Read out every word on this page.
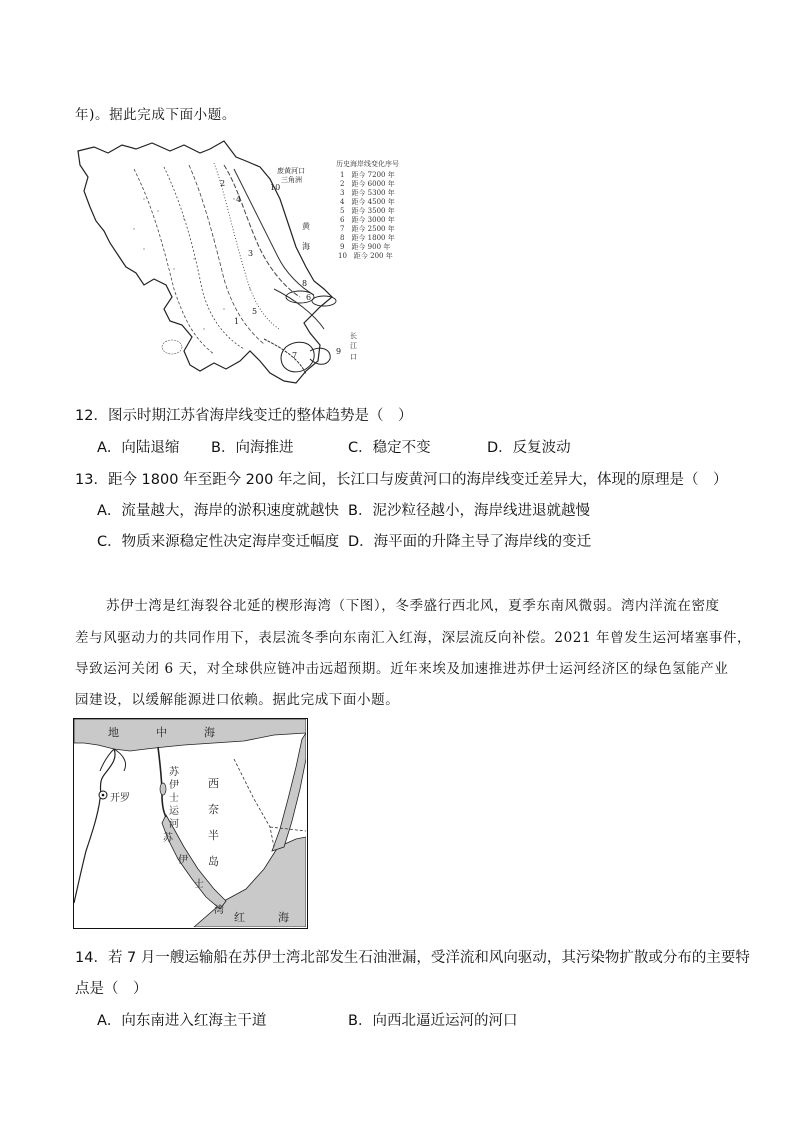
年)。据此完成下面小题。
1
2
3
4
5
6
7
8
9
10
废黄河口
三角洲
黄
海
长
江
口
历史海岸线变化序号
1　距今 7200 年
2　距今 6000 年
3　距今 5300 年
4　距今 4500 年
5　距今 3500 年
6　距今 3000 年
7　距今 2500 年
8　距今 1800 年
9　距今 900 年
10　距今 200 年
12．图示时期江苏省海岸线变迁的整体趋势是（　）
A．向陆退缩 B．向海推进	C．稳定不变	D．反复波动
13．距今 1800 年至距今 200 年之间，长江口与废黄河口的海岸线变迁差异大，体现的原理是（　）
A．流量越大，海岸的淤积速度就越快 B．泥沙粒径越小，海岸线进退就越慢
C．物质来源稳定性决定海岸变迁幅度 D．海平面的升降主导了海岸线的变迁
苏伊士湾是红海裂谷北延的楔形海湾（下图），冬季盛行西北风，夏季东南风微弱。湾内洋流在密度
差与风驱动力的共同作用下，表层流冬季向东南汇入红海，深层流反向补偿。2021 年曾发生运河堵塞事件，
导致运河关闭 6 天，对全球供应链冲击远超预期。近年来埃及加速推进苏伊士运河经济区的绿色氢能产业
园建设，以缓解能源进口依赖。据此完成下面小题。
地	中	海
开罗
苏
伊
士
运
河
西
奈
半
岛
苏
伊
士
湾
红	海
14．若 7 月一艘运输船在苏伊士湾北部发生石油泄漏，受洋流和风向驱动，其污染物扩散或分布的主要特
点是（　）
A．向东南进入红海主干道	B．向西北逼近运河的河口
